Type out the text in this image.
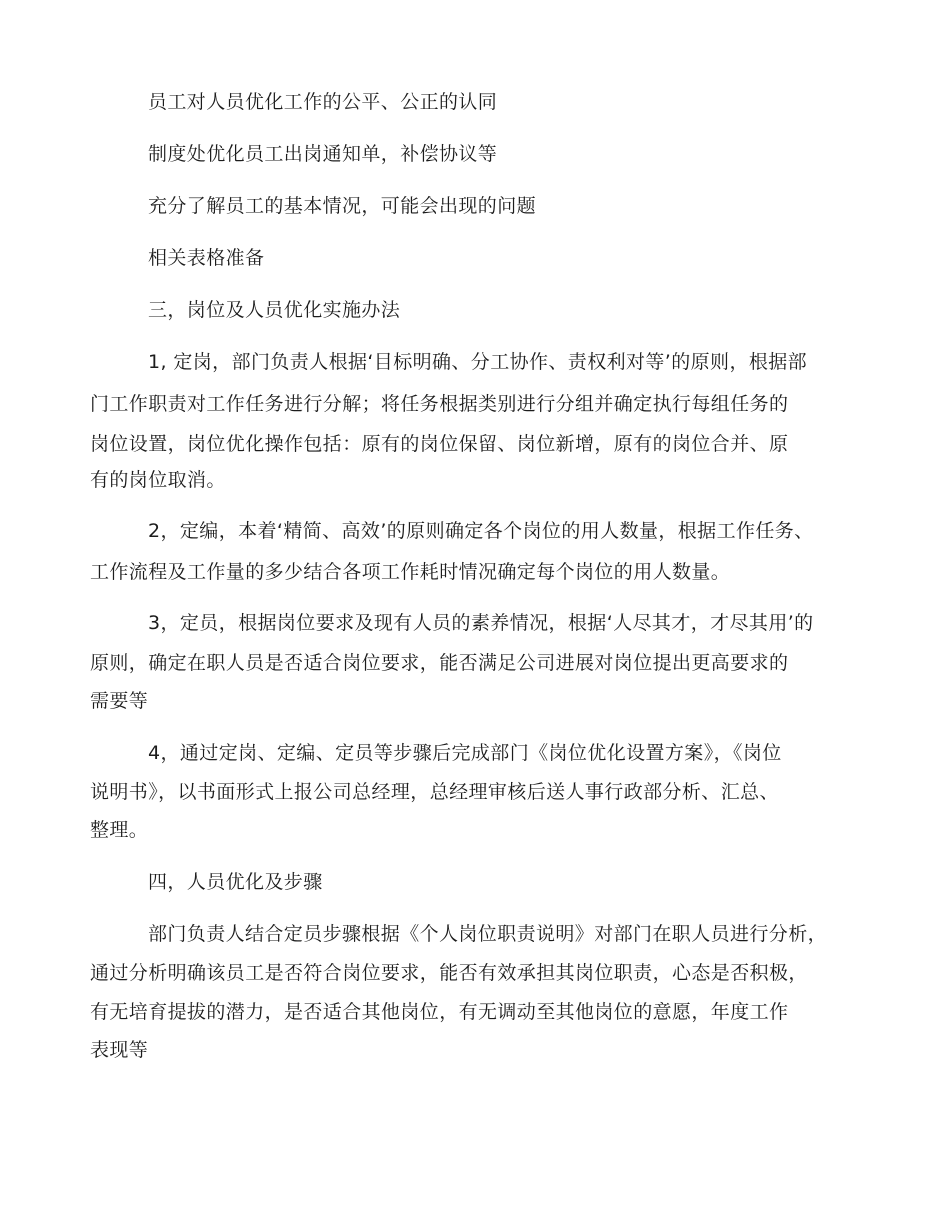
员工对人员优化工作的公平、公正的认同
制度处优化员工出岗通知单，补偿协议等
充分了解员工的基本情况，可能会出现的问题
相关表格准备
三，岗位及人员优化实施办法
1, 定岗，部门负责人根据‘目标明确、分工协作、责权利对等’的原则，根据部
门工作职责对工作任务进行分解；将任务根据类别进行分组并确定执行每组任务的
岗位设置，岗位优化操作包括：原有的岗位保留、岗位新增，原有的岗位合并、原
有的岗位取消。
2，定编，本着‘精简、高效’的原则确定各个岗位的用人数量，根据工作任务、
工作流程及工作量的多少结合各项工作耗时情况确定每个岗位的用人数量。
3，定员，根据岗位要求及现有人员的素养情况，根据‘人尽其才，才尽其用’的
原则，确定在职人员是否适合岗位要求，能否满足公司进展对岗位提出更高要求的
需要等
4，通过定岗、定编、定员等步骤后完成部门《岗位优化设置方案》，《岗位
说明书》，以书面形式上报公司总经理，总经理审核后送人事行政部分析、汇总、
整理。
四，人员优化及步骤
部门负责人结合定员步骤根据《个人岗位职责说明》对部门在职人员进行分析，
通过分析明确该员工是否符合岗位要求，能否有效承担其岗位职责，心态是否积极，
有无培育提拔的潜力，是否适合其他岗位，有无调动至其他岗位的意愿，年度工作
表现等
